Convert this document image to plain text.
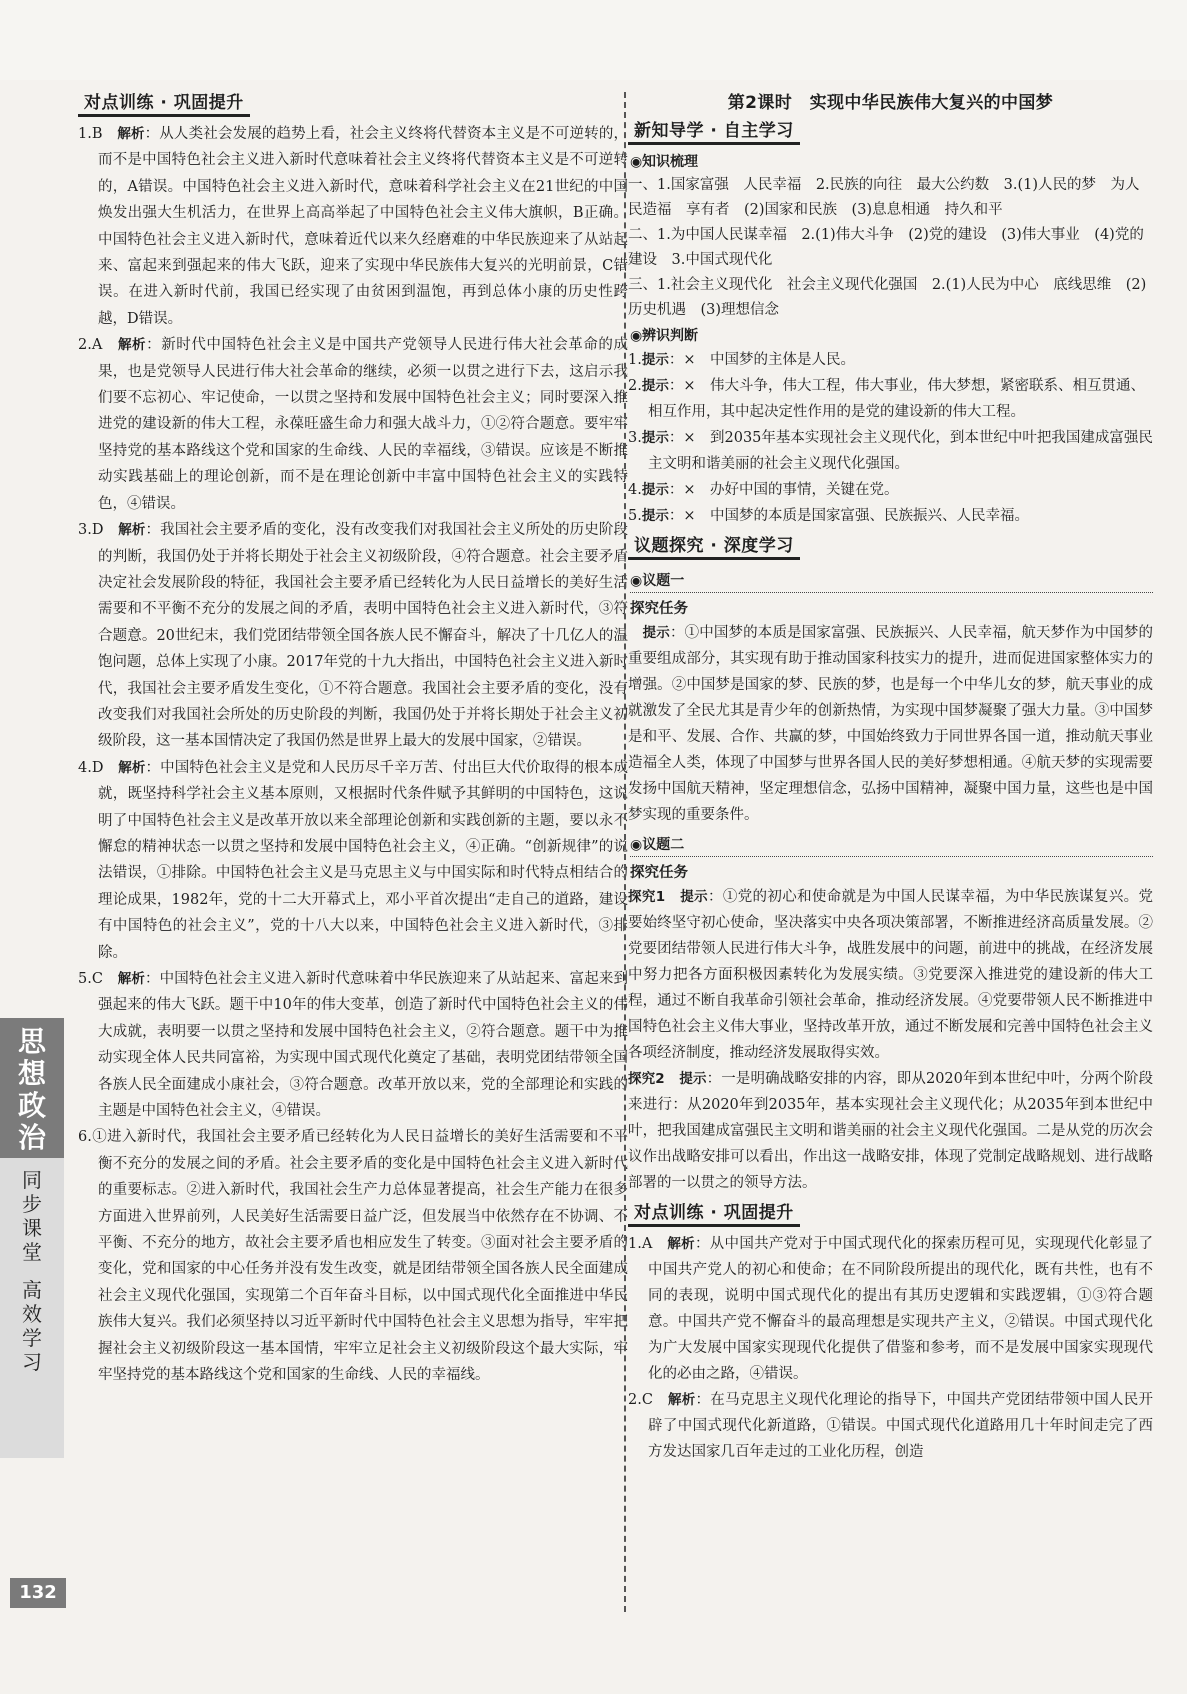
对点训练 · 巩固提升

1.B　 解析：从人类社会发展的趋势上看，社会主义终将代替资本主义是不可逆转的，而不是中国特色社会主义进入新时代意味着社会主义终将代替资本主义是不可逆转的，A错误。中国特色社会主义进入新时代，意味着科学社会主义在21世纪的中国焕发出强大生机活力，在世界上高高举起了中国特色社会主义伟大旗帜，B正确。中国特色社会主义进入新时代，意味着近代以来久经磨难的中华民族迎来了从站起来、富起来到强起来的伟大飞跃，迎来了实现中华民族伟大复兴的光明前景，C错误。在进入新时代前，我国已经实现了由贫困到温饱，再到总体小康的历史性跨越，D错误。

2.A　 解析：新时代中国特色社会主义是中国共产党领导人民进行伟大社会革命的成果，也是党领导人民进行伟大社会革命的继续，必须一以贯之进行下去，这启示我们要不忘初心、牢记使命，一以贯之坚持和发展中国特色社会主义；同时要深入推进党的建设新的伟大工程，永葆旺盛生命力和强大战斗力，①②符合题意。要牢牢坚持党的基本路线这个党和国家的生命线、人民的幸福线，③错误。应该是不断推动实践基础上的理论创新，而不是在理论创新中丰富中国特色社会主义的实践特色，④错误。

3.D　 解析：我国社会主要矛盾的变化，没有改变我们对我国社会主义所处的历史阶段的判断，我国仍处于并将长期处于社会主义初级阶段，④符合题意。社会主要矛盾决定社会发展阶段的特征，我国社会主要矛盾已经转化为人民日益增长的美好生活需要和不平衡不充分的发展之间的矛盾，表明中国特色社会主义进入新时代，③符合题意。20世纪末，我们党团结带领全国各族人民不懈奋斗，解决了十几亿人的温饱问题，总体上实现了小康。2017年党的十九大指出，中国特色社会主义进入新时代，我国社会主要矛盾发生变化，①不符合题意。我国社会主要矛盾的变化，没有改变我们对我国社会所处的历史阶段的判断，我国仍处于并将长期处于社会主义初级阶段，这一基本国情决定了我国仍然是世界上最大的发展中国家，②错误。

4.D　 解析：中国特色社会主义是党和人民历尽千辛万苦、付出巨大代价取得的根本成就，既坚持科学社会主义基本原则，又根据时代条件赋予其鲜明的中国特色，这说明了中国特色社会主义是改革开放以来全部理论创新和实践创新的主题，要以永不懈怠的精神状态一以贯之坚持和发展中国特色社会主义，④正确。“创新规律”的说法错误，①排除。中国特色社会主义是马克思主义与中国实际和时代特点相结合的理论成果，1982年，党的十二大开幕式上，邓小平首次提出“走自己的道路，建设有中国特色的社会主义”，党的十八大以来，中国特色社会主义进入新时代，③排除。

5.C　 解析：中国特色社会主义进入新时代意味着中华民族迎来了从站起来、富起来到强起来的伟大飞跃。题干中10年的伟大变革，创造了新时代中国特色社会主义的伟大成就，表明要一以贯之坚持和发展中国特色社会主义，②符合题意。题干中为推动实现全体人民共同富裕，为实现中国式现代化奠定了基础，表明党团结带领全国各族人民全面建成小康社会，③符合题意。改革开放以来，党的全部理论和实践的主题是中国特色社会主义，④错误。

6.①进入新时代，我国社会主要矛盾已经转化为人民日益增长的美好生活需要和不平衡不充分的发展之间的矛盾。社会主要矛盾的变化是中国特色社会主义进入新时代的重要标志。②进入新时代，我国社会生产力总体显著提高，社会生产能力在很多方面进入世界前列，人民美好生活需要日益广泛，但发展当中依然存在不协调、不平衡、不充分的地方，故社会主要矛盾也相应发生了转变。③面对社会主要矛盾的变化，党和国家的中心任务并没有发生改变，就是团结带领全国各族人民全面建成社会主义现代化强国，实现第二个百年奋斗目标，以中国式现代化全面推进中华民族伟大复兴。我们必须坚持以习近平新时代中国特色社会主义思想为指导，牢牢把握社会主义初级阶段这一基本国情，牢牢立足社会主义初级阶段这个最大实际，牢牢坚持党的基本路线这个党和国家的生命线、人民的幸福线。

第2课时　实现中华民族伟大复兴的中国梦
新知导学 · 自主学习
◉知识梳理

一、1.国家富强　人民幸福　2.民族的向往　最大公约数　3.(1)人民的梦　为人民造福　享有者　(2)国家和民族　(3)息息相通　持久和平

二、1.为中国人民谋幸福　2.(1)伟大斗争　(2)党的建设　(3)伟大事业　(4)党的建设　3.中国式现代化

三、1.社会主义现代化　社会主义现代化强国　2.(1)人民为中心　底线思维　(2)历史机遇　(3)理想信念

◉辨识判断

1.提示：×　中国梦的主体是人民。

2.提示：×　伟大斗争，伟大工程，伟大事业，伟大梦想，紧密联系、相互贯通、相互作用，其中起决定性作用的是党的建设新的伟大工程。

3.提示：×　到2035年基本实现社会主义现代化，到本世纪中叶把我国建成富强民主文明和谐美丽的社会主义现代化强国。

4.提示：×　办好中国的事情，关键在党。

5.提示：×　中国梦的本质是国家富强、民族振兴、人民幸福。

议题探究 · 深度学习
◉议题一
探究任务

　提示：①中国梦的本质是国家富强、民族振兴、人民幸福，航天梦作为中国梦的重要组成部分，其实现有助于推动国家科技实力的提升，进而促进国家整体实力的增强。②中国梦是国家的梦、民族的梦，也是每一个中华儿女的梦，航天事业的成就激发了全民尤其是青少年的创新热情，为实现中国梦凝聚了强大力量。③中国梦是和平、发展、合作、共赢的梦，中国始终致力于同世界各国一道，推动航天事业造福全人类，体现了中国梦与世界各国人民的美好梦想相通。④航天梦的实现需要发扬中国航天精神，坚定理想信念，弘扬中国精神，凝聚中国力量，这些也是中国梦实现的重要条件。

◉议题二
探究任务

探究1　 提示：①党的初心和使命就是为中国人民谋幸福，为中华民族谋复兴。党要始终坚守初心使命，坚决落实中央各项决策部署，不断推进经济高质量发展。②党要团结带领人民进行伟大斗争，战胜发展中的问题，前进中的挑战，在经济发展中努力把各方面积极因素转化为发展实绩。③党要深入推进党的建设新的伟大工程，通过不断自我革命引领社会革命，推动经济发展。④党要带领人民不断推进中国特色社会主义伟大事业，坚持改革开放，通过不断发展和完善中国特色社会主义各项经济制度，推动经济发展取得实效。

探究2　 提示：一是明确战略安排的内容，即从2020年到本世纪中叶，分两个阶段来进行：从2020年到2035年，基本实现社会主义现代化；从2035年到本世纪中叶，把我国建成富强民主文明和谐美丽的社会主义现代化强国。二是从党的历次会议作出战略安排可以看出，作出这一战略安排，体现了党制定战略规划、进行战略部署的一以贯之的领导方法。

对点训练 · 巩固提升

1.A　 解析：从中国共产党对于中国式现代化的探索历程可见，实现现代化彰显了中国共产党人的初心和使命；在不同阶段所提出的现代化，既有共性，也有不同的表现，说明中国式现代化的提出有其历史逻辑和实践逻辑，①③符合题意。中国共产党不懈奋斗的最高理想是实现共产主义，②错误。中国式现代化为广大发展中国家实现现代化提供了借鉴和参考，而不是发展中国家实现现代化的必由之路，④错误。

2.C　 解析：在马克思主义现代化理论的指导下，中国共产党团结带领中国人民开辟了中国式现代化新道路，①错误。中国式现代化道路用几十年时间走完了西方发达国家几百年走过的工业化历程，创造

思
想
政
治
同
步
课
堂
高
效
学
习
132
